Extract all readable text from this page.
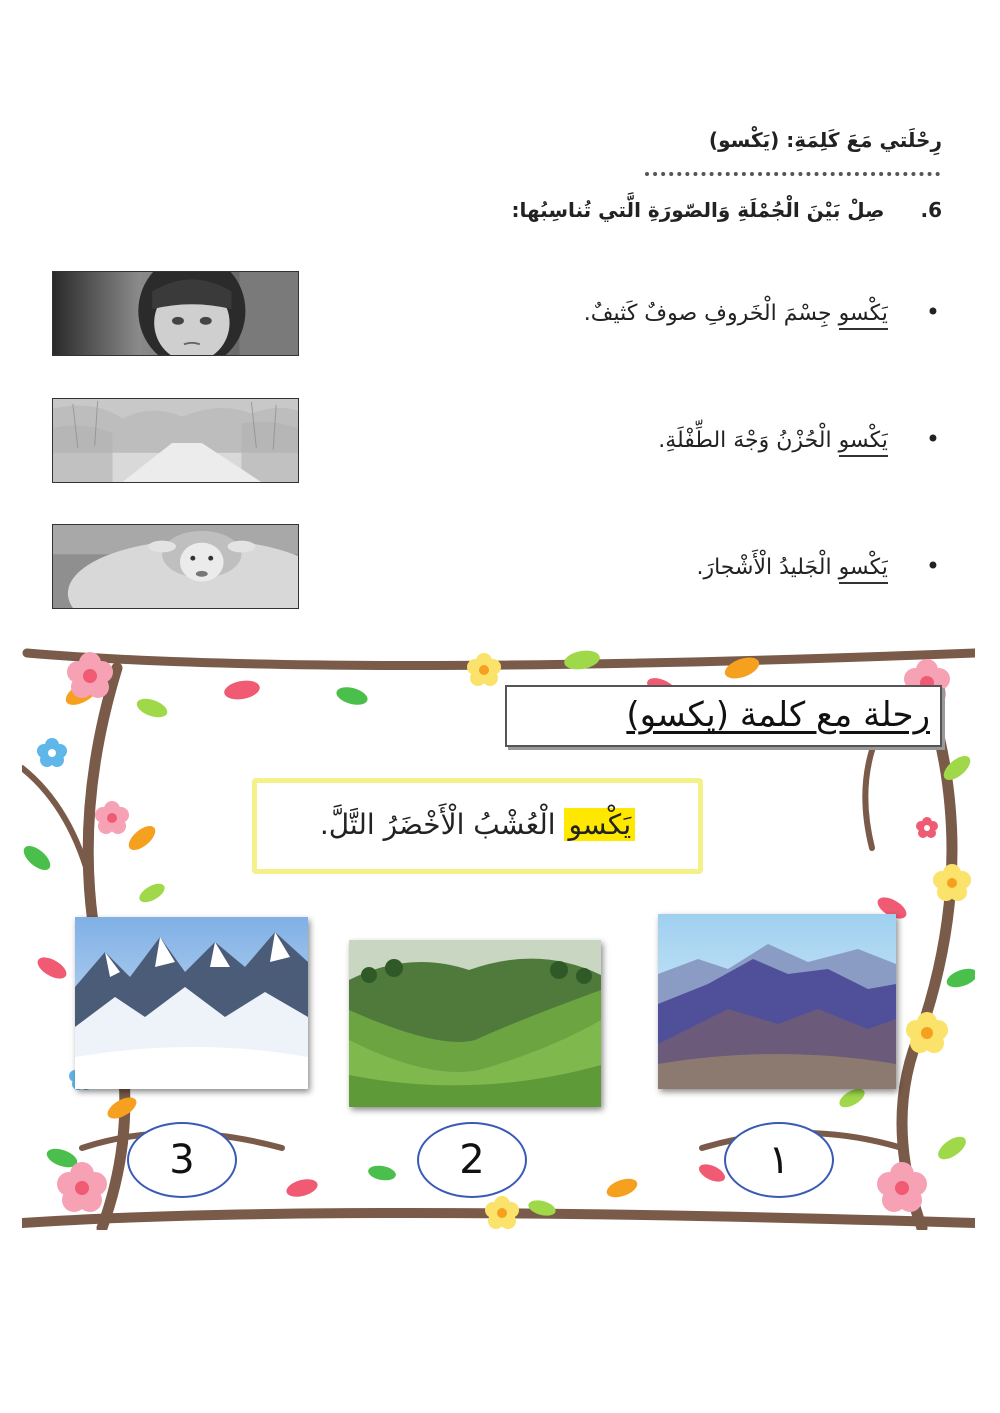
رِحْلَتي مَعَ كَلِمَةِ: (يَكْسو)
6.صِلْ بَيْنَ الْجُمْلَةِ وَالصّورَةِ الَّتي تُناسِبُها:
•يَكْسو جِسْمَ الْخَروفِ صوفٌ كَثيفٌ.
•يَكْسو الْحُزْنُ وَجْهَ الطِّفْلَةِ.
•يَكْسو الْجَليدُ الْأَشْجارَ.
رحلة مع كلمة (يكسو)
يَكْسو الْعُشْبُ الْأَخْضَرُ التَّلَّ.
3	2	١
